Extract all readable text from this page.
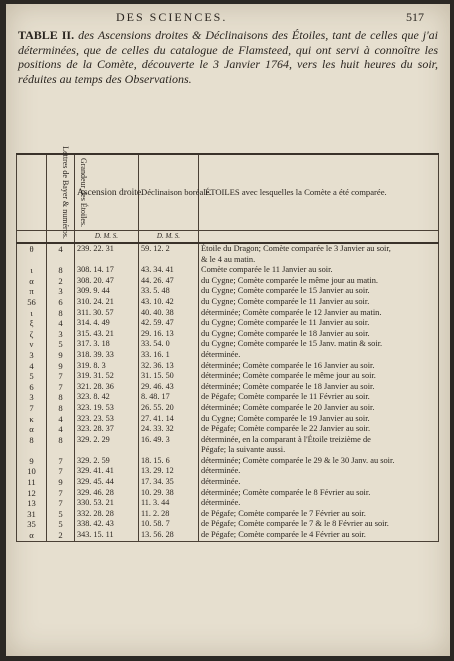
DES SCIENCES.	517
TABLE II. des Ascensions droites & Déclinaisons des Étoiles, tant de celles que j'ai déterminées, que de celles du catalogue de Flamsteed, qui ont servi à connoître les positions de la Comète, découverte le 3 Janvier 1764, vers les huit heures du soir, réduites au temps des Observations.
Lettres de Bayer & numéros.	Grandeur des Étoiles.	Ascension droite.	Déclinaison boréale.	ÉTOILES avec lesquelles la Comète a été comparée.
		D. M. S.	D. M. S.	
θ	4	239. 22. 31	59. 12. 2	Étoile du Dragon; Comète comparée le 3 Janvier au soir,
				& le 4 au matin.
ι	8	308. 14. 17	43. 34. 41	Comète comparée le 11 Janvier au soir.
α	2	308. 20. 47	44. 26. 47	du Cygne; Comète comparée le même jour au matin.
π	3	309. 9. 44	33. 5. 48	du Cygne; Comète comparée le 15 Janvier au soir.
56	6	310. 24. 21	43. 10. 42	du Cygne; Comète comparée le 11 Janvier au soir.
ι	8	311. 30. 57	40. 40. 38	déterminée; Comète comparée le 12 Janvier au matin.
ξ	4	314. 4. 49	42. 59. 47	du Cygne; Comète comparée le 11 Janvier au soir.
ζ	3	315. 43. 21	29. 16. 13	du Cygne; Comète comparée le 18 Janvier au soir.
ν	5	317. 3. 18	33. 54. 0	du Cygne; Comète comparée le 15 Janv. matin & soir.
3	9	318. 39. 33	33. 16. 1	déterminée.
4	9	319. 8. 3	32. 36. 13	déterminée; Comète comparée le 16 Janvier au soir.
5	7	319. 31. 52	31. 15. 50	déterminée; Comète comparée le même jour au soir.
6	7	321. 28. 36	29. 46. 43	déterminée; Comète comparée le 18 Janvier au soir.
3	8	323. 8. 42	8. 48. 17	de Pégafe; Comète comparée le 11 Février au soir.
7	8	323. 19. 53	26. 55. 20	déterminée; Comète comparée le 20 Janvier au soir.
κ	4	323. 23. 53	27. 41. 14	du Cygne; Comète comparée le 19 Janvier au soir.
α	4	323. 28. 37	24. 33. 32	de Pégafe; Comète comparée le 22 Janvier au soir.
8	8	329. 2. 29	16. 49. 3	déterminée, en la comparant à l'Étoile treizième de
				Pégafe; la suivante aussi.
9	7	329. 2. 59	18. 15. 6	déterminée; Comète comparée le 29 & le 30 Janv. au soir.
10	7	329. 41. 41	13. 29. 12	déterminée.
11	9	329. 45. 44	17. 34. 35	déterminée.
12	7	329. 46. 28	10. 29. 38	déterminée; Comète comparée le 8 Février au soir.
13	7	330. 53. 21	11. 3. 44	déterminée.
31	5	332. 28. 28	11. 2. 28	de Pégafe; Comète comparée le 7 Février au soir.
35	5	338. 42. 43	10. 58. 7	de Pégafe; Comète comparée le 7 & le 8 Février au soir.
α	2	343. 15. 11	13. 56. 28	de Pégafe; Comète comparée le 4 Février au soir.
